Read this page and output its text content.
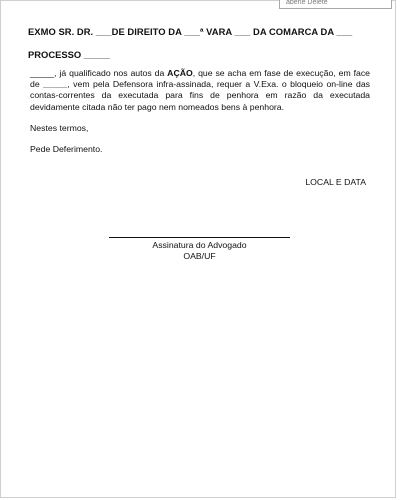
aberie Delete
EXMO SR. DR. ___DE DIREITO DA ___ª VARA ___ DA COMARCA DA ___
PROCESSO _____
_____, já qualificado nos autos da AÇÃO, que se acha em fase de execução, em face de _____, vem pela Defensora infra-assinada, requer a V.Exa. o bloqueio on-line das contas-correntes da executada para fins de penhora em razão da executada devidamente citada não ter pago nem nomeados bens à penhora.
Nestes termos,
Pede Deferimento.
LOCAL E DATA
Assinatura do Advogado
OAB/UF
